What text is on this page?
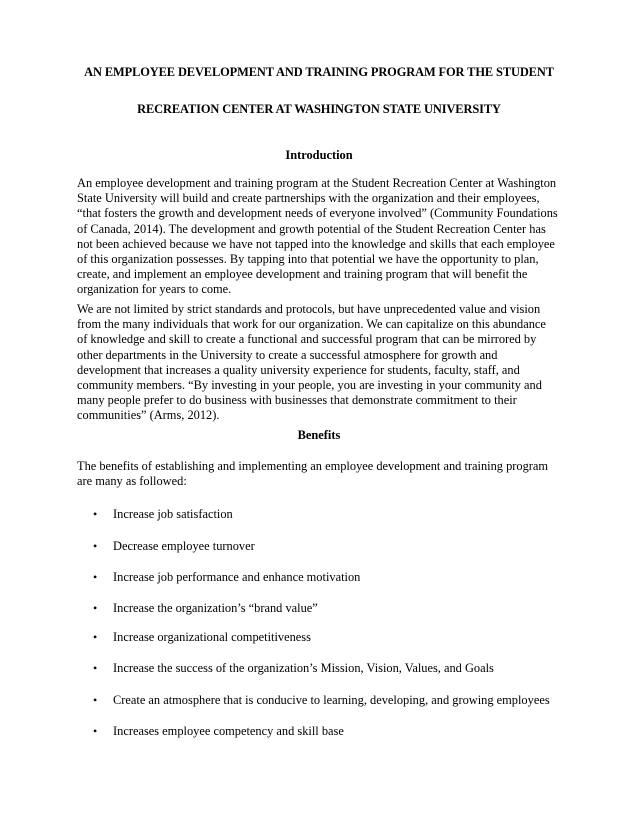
AN EMPLOYEE DEVELOPMENT AND TRAINING PROGRAM FOR THE STUDENT
RECREATION CENTER AT WASHINGTON STATE UNIVERSITY
Introduction
An employee development and training program at the Student Recreation Center at Washington
State University will build and create partnerships with the organization and their employees,
“that fosters the growth and development needs of everyone involved” (Community Foundations
of Canada, 2014). The development and growth potential of the Student Recreation Center has
not been achieved because we have not tapped into the knowledge and skills that each employee
of this organization possesses. By tapping into that potential we have the opportunity to plan,
create, and implement an employee development and training program that will benefit the
organization for years to come.
We are not limited by strict standards and protocols, but have unprecedented value and vision
from the many individuals that work for our organization. We can capitalize on this abundance
of knowledge and skill to create a functional and successful program that can be mirrored by
other departments in the University to create a successful atmosphere for growth and
development that increases a quality university experience for students, faculty, staff, and
community members. “By investing in your people, you are investing in your community and
many people prefer to do business with businesses that demonstrate commitment to their
communities” (Arms, 2012).
Benefits
The benefits of establishing and implementing an employee development and training program
are many as followed:
• Increase job satisfaction
• Decrease employee turnover
• Increase job performance and enhance motivation
• Increase the organization’s “brand value”
• Increase organizational competitiveness
• Increase the success of the organization’s Mission, Vision, Values, and Goals
• Create an atmosphere that is conducive to learning, developing, and growing employees
• Increases employee competency and skill base
